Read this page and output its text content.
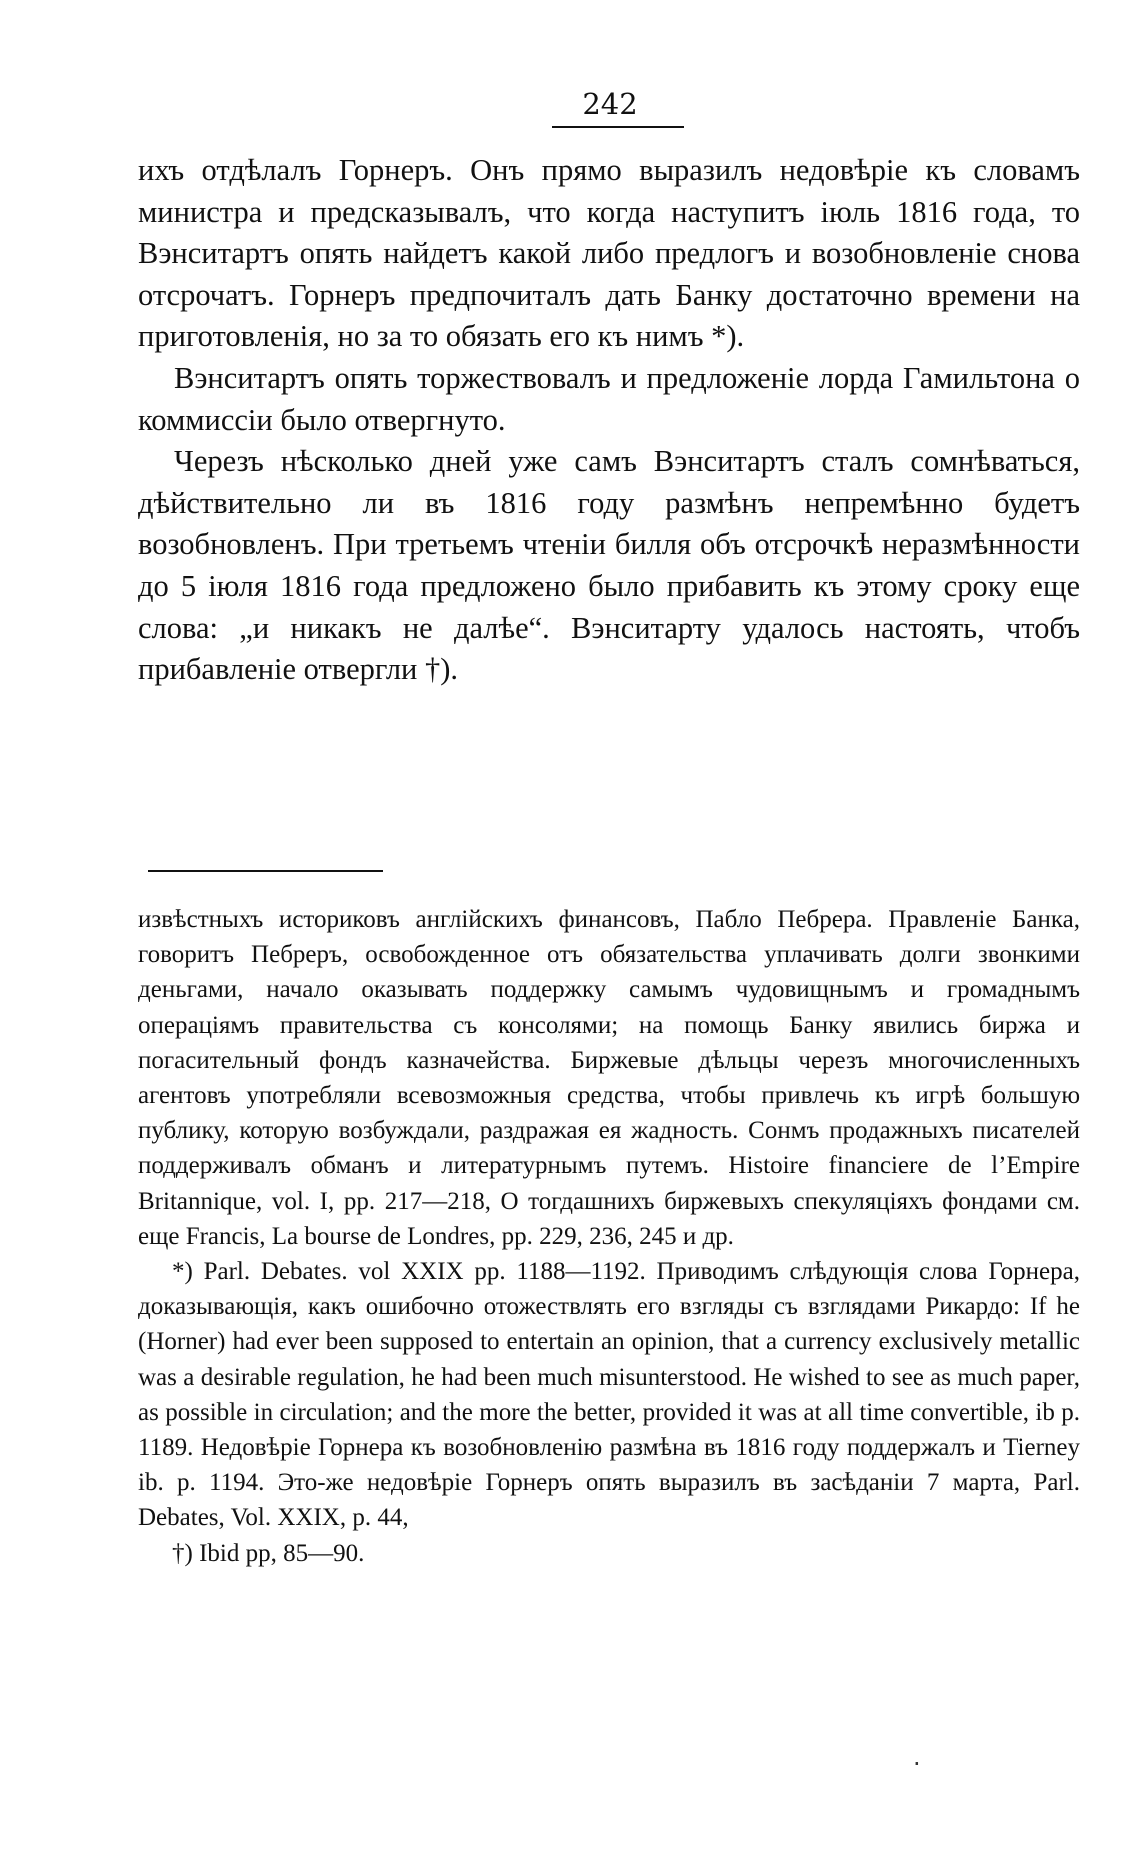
242

ихъ отдѣлалъ Горнеръ. Онъ прямо выразилъ недовѣріе къ словамъ министра и предсказывалъ, что когда наступитъ іюль 1816 года, то Вэнситартъ опять найдетъ какой либо предлогъ и возобновленіе снова отсрочатъ. Горнеръ предпочиталъ дать Банку достаточно времени на приготовленія, но за то обязать его къ нимъ *).

Вэнситартъ опять торжествовалъ и предложеніе лорда Гамильтона о коммиссіи было отвергнуто.

Черезъ нѣсколько дней уже самъ Вэнситартъ сталъ сомнѣваться, дѣйствительно ли въ 1816 году размѣнъ непремѣнно будетъ возобновленъ. При третьемъ чтеніи билля объ отсрочкѣ неразмѣнности до 5 іюля 1816 года предложено было прибавить къ этому сроку еще слова: „и никакъ не далѣе“. Вэнситарту удалось настоять, чтобъ прибавленіе отвергли †).

извѣстныхъ историковъ англійскихъ финансовъ, Пабло Пебрера. Правленіе Банка, говоритъ Пебреръ, освобожденное отъ обязательства уплачивать долги звонкими деньгами, начало оказывать поддержку самымъ чудовищнымъ и громаднымъ операціямъ правительства съ консолями; на помощь Банку явились биржа и погасительный фондъ казначейства. Биржевые дѣльцы черезъ многочисленныхъ агентовъ употребляли всевозможныя средства, чтобы привлечь къ игрѣ большую публику, которую возбуждали, раздражая ея жадность. Сонмъ продажныхъ писателей поддерживалъ обманъ и литературнымъ путемъ. Histoire financiere de l’Empire Britannique, vol. I, pp. 217—218, О тогдашнихъ биржевыхъ спекуляціяхъ фондами см. еще Francis, La bourse de Londres, pp. 229, 236, 245 и др.

*) Parl. Debates. vol XXIX pp. 1188—1192. Приводимъ слѣдующія слова Горнера, доказывающія, какъ ошибочно отожествлять его взгляды съ взглядами Рикардо: If he (Horner) had ever been supposed to entertain an opinion, that a currency exclusively metallic was a desirable regulation, he had been much misunterstood. He wished to see as much paper, as possible in circulation; and the more the better, provided it was at all time convertible, ib p. 1189. Недовѣріе Горнера къ возобновленію размѣна въ 1816 году поддержалъ и Tierney ib. p. 1194. Это-же недовѣріе Горнеръ опять выразилъ въ засѣданіи 7 марта, Parl. Debates, Vol. XXIX, p. 44,

†) Ibid pp, 85—90.

·
